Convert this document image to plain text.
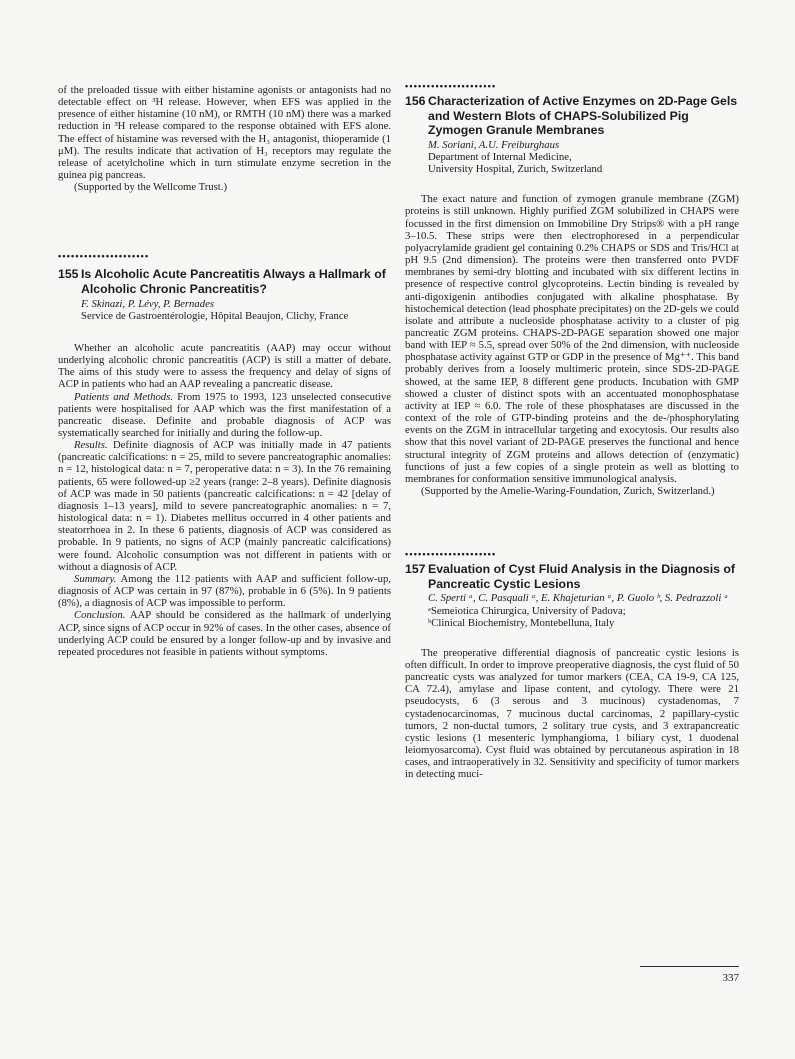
of the preloaded tissue with either histamine agonists or antagonists had no detectable effect on ³H release. However, when EFS was applied in the presence of either histamine (10 nM), or RMTH (10 nM) there was a marked reduction in ³H release compared to the response obtained with EFS alone. The effect of histamine was reversed with the H₃ antagonist, thioperamide (1 μM). The results indicate that activation of H₃ receptors may regulate the release of acetylcholine which in turn stimulate enzyme secretion in the guinea pig pancreas.

(Supported by the Wellcome Trust.)

•••••••••••••••••••••
155 Is Alcoholic Acute Pancreatitis Always a Hallmark of Alcoholic Chronic Pancreatitis?
F. Skinazi, P. Lévy, P. Bernades
Service de Gastroentérologie, Hôpital Beaujon, Clichy, France

Whether an alcoholic acute pancreatitis (AAP) may occur without underlying alcoholic chronic pancreatitis (ACP) is still a matter of debate. The aims of this study were to assess the frequency and delay of signs of ACP in patients who had an AAP revealing a pancreatic disease.

Patients and Methods. From 1975 to 1993, 123 unselected consecutive patients were hospitalised for AAP which was the first manifestation of a pancreatic disease. Definite and probable diagnosis of ACP was systematically searched for initially and during the follow-up.

Results. Definite diagnosis of ACP was initially made in 47 patients (pancreatic calcifications: n = 25, mild to severe pancreatographic anomalies: n = 12, histological data: n = 7, peroperative data: n = 3). In the 76 remaining patients, 65 were followed-up ≥2 years (range: 2–8 years). Definite diagnosis of ACP was made in 50 patients (pancreatic calcifications: n = 42 [delay of diagnosis 1–13 years], mild to severe pancreatographic anomalies: n = 7, histological data: n = 1). Diabetes mellitus occurred in 4 other patients and steatorrhoea in 2. In these 6 patients, diagnosis of ACP was considered as probable. In 9 patients, no signs of ACP (mainly pancreatic calcifications) were found. Alcoholic consumption was not different in patients with or without a diagnosis of ACP.

Summary. Among the 112 patients with AAP and sufficient follow-up, diagnosis of ACP was certain in 97 (87%), probable in 6 (5%). In 9 patients (8%), a diagnosis of ACP was impossible to perform.

Conclusion. AAP should be considered as the hallmark of underlying ACP, since signs of ACP occur in 92% of cases. In the other cases, absence of underlying ACP could be ensured by a longer follow-up and by invasive and repeated procedures not feasible in patients without symptoms.

•••••••••••••••••••••
156 Characterization of Active Enzymes on 2D-Page Gels and Western Blots of CHAPS-Solubilized Pig Zymogen Granule Membranes
M. Soriani, A.U. Freiburghaus
Department of Internal Medicine,
University Hospital, Zurich, Switzerland

The exact nature and function of zymogen granule membrane (ZGM) proteins is still unknown. Highly purified ZGM solubilized in CHAPS were focussed in the first dimension on Immobiline Dry Strips® with a pH range 3–10.5. These strips were then electrophoresed in a perpendicular polyacrylamide gradient gel containing 0.2% CHAPS or SDS and Tris/HCl at pH 9.5 (2nd dimension). The proteins were then transferred onto PVDF membranes by semi-dry blotting and incubated with six different lectins in presence of respective control glycoproteins. Lectin binding is revealed by anti-digoxigenin antibodies conjugated with alkaline phosphatase. By histochemical detection (lead phosphate precipitates) on the 2D-gels we could isolate and attribute a nucleoside phosphatase activity to a cluster of pig pancreatic ZGM proteins. CHAPS-2D-PAGE separation showed one major band with IEP ≈ 5.5, spread over 50% of the 2nd dimension, with nucleoside phosphatase activity against GTP or GDP in the presence of Mg⁺⁺. This band probably derives from a loosely multimeric protein, since SDS-2D-PAGE showed, at the same IEP, 8 different gene products. Incubation with GMP showed a cluster of distinct spots with an accentuated monophosphatase activity at IEP ≈ 6.0. The role of these phosphatases are discussed in the context of the role of GTP-binding proteins and the de-/phosphorylating events on the ZGM in intracellular targeting and exocytosis. Our results also show that this novel variant of 2D-PAGE preserves the functional and hence structural integrity of ZGM proteins and allows detection of (enzymatic) functions of just a few copies of a single protein as well as blotting to membranes for conformation sensitive immunological analysis.

(Supported by the Amelie-Waring-Foundation, Zurich, Switzerland.)

•••••••••••••••••••••
157 Evaluation of Cyst Fluid Analysis in the Diagnosis of Pancreatic Cystic Lesions
C. Sperti ᵃ, C. Pasquali ᵃ, E. Khajeturian ᵃ, P. Guolo ᵇ, S. Pedrazzoli ᵃ
ᵃSemeiotica Chirurgica, University of Padova;
ᵇClinical Biochemistry, Montebelluna, Italy

The preoperative differential diagnosis of pancreatic cystic lesions is often difficult. In order to improve preoperative diagnosis, the cyst fluid of 50 pancreatic cysts was analyzed for tumor markers (CEA, CA 19-9, CA 125, CA 72.4), amylase and lipase content, and cytology. There were 21 pseudocysts, 6 (3 serous and 3 mucinous) cystadenomas, 7 cystadenocarcinomas, 7 mucinous ductal carcinomas, 2 papillary-cystic tumors, 2 non-ductal tumors, 2 solitary true cysts, and 3 extrapancreatic cystic lesions (1 mesenteric lymphangioma, 1 biliary cyst, 1 duodenal leiomyosarcoma). Cyst fluid was obtained by percutaneous aspiration in 18 cases, and intraoperatively in 32. Sensitivity and specificity of tumor markers in detecting muci-

337
